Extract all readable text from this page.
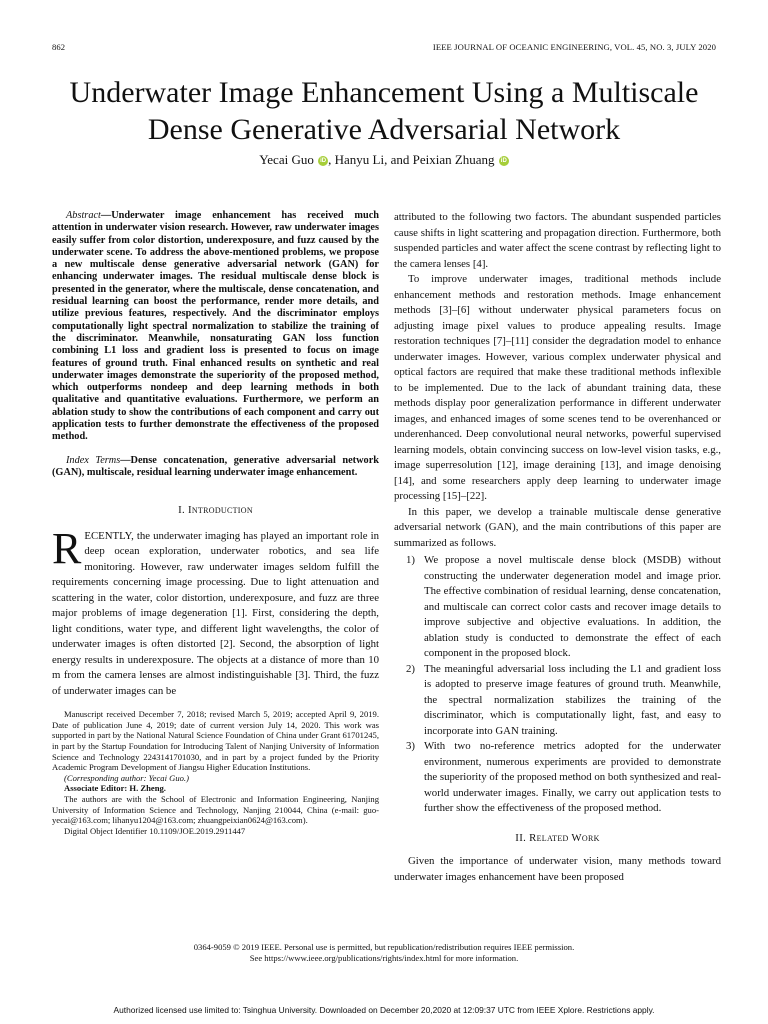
862	IEEE JOURNAL OF OCEANIC ENGINEERING, VOL. 45, NO. 3, JULY 2020
Underwater Image Enhancement Using a Multiscale
Dense Generative Adversarial Network
Yecai Guo iD , Hanyu Li, and Peixian Zhuang iD

Abstract—Underwater image enhancement has received much attention in underwater vision research. However, raw underwater images easily suffer from color distortion, underexposure, and fuzz caused by the underwater scene. To address the above-mentioned problems, we propose a new multiscale dense generative adversarial network (GAN) for enhancing underwater images. The residual multiscale dense block is presented in the generator, where the multiscale, dense concatenation, and residual learning can boost the performance, render more details, and utilize previous features, respectively. And the discriminator employs computationally light spectral normalization to stabilize the training of the discriminator. Meanwhile, nonsaturating GAN loss function combining L1 loss and gradient loss is presented to focus on image features of ground truth. Final enhanced results on synthetic and real underwater images demonstrate the superiority of the proposed method, which outperforms nondeep and deep learning methods in both qualitative and quantitative evaluations. Furthermore, we perform an ablation study to show the contributions of each component and carry out application tests to further demonstrate the effectiveness of the proposed method.

Index Terms—Dense concatenation, generative adversarial network (GAN), multiscale, residual learning underwater image enhancement.

I. Introduction

RECENTLY, the underwater imaging has played an important role in deep ocean exploration, underwater robotics, and sea life monitoring. However, raw underwater images seldom fulfill the requirements concerning image processing. Due to light attenuation and scattering in the water, color distortion, underexposure, and fuzz are three major problems of image degeneration [1]. First, considering the depth, light conditions, water type, and different light wavelengths, the color of underwater images is often distorted [2]. Second, the absorption of light energy results in underexposure. The objects at a distance of more than 10 m from the camera lenses are almost indistinguishable [3]. Third, the fuzz of underwater images can be

Manuscript received December 7, 2018; revised March 5, 2019; accepted April 9, 2019. Date of publication June 4, 2019; date of current version July 14, 2020. This work was supported in part by the National Natural Science Foundation of China under Grant 61701245, in part by the Startup Foundation for Introducing Talent of Nanjing University of Information Science and Technology 2243141701030, and in part by a project funded by the Priority Academic Program Development of Jiangsu Higher Education Institutions.

(Corresponding author: Yecai Guo.)

Associate Editor: H. Zheng.

The authors are with the School of Electronic and Information Engineering, Nanjing University of Information Science and Technology, Nanjing 210044, China (e-mail: guo-yecai@163.com; lihanyu1204@163.com; zhuangpeixian0624@163.com).

Digital Object Identifier 10.1109/JOE.2019.2911447

attributed to the following two factors. The abundant suspended particles cause shifts in light scattering and propagation direction. Furthermore, both suspended particles and water affect the scene contrast by reflecting light to the camera lenses [4].

To improve underwater images, traditional methods include enhancement methods and restoration methods. Image enhancement methods [3]–[6] without underwater physical parameters focus on adjusting image pixel values to produce appealing results. Image restoration techniques [7]–[11] consider the degradation model to enhance underwater images. However, various complex underwater physical and optical factors are required that make these traditional methods inflexible to be implemented. Due to the lack of abundant training data, these methods display poor generalization performance in different underwater images, and enhanced images of some scenes tend to be overenhanced or underenhanced. Deep convolutional neural networks, powerful supervised learning models, obtain convincing success on low-level vision tasks, e.g., image superresolution [12], image deraining [13], and image denoising [14], and some researchers apply deep learning to underwater image processing [15]–[22].

In this paper, we develop a trainable multiscale dense generative adversarial network (GAN), and the main contributions of this paper are summarized as follows.

1) We propose a novel multiscale dense block (MSDB) without constructing the underwater degeneration model and image prior. The effective combination of residual learning, dense concatenation, and multiscale can correct color casts and recover image details to improve subjective and objective evaluations. In addition, the ablation study is conducted to demonstrate the effect of each component in the proposed block.
2) The meaningful adversarial loss including the L1 and gradient loss is adopted to preserve image features of ground truth. Meanwhile, the spectral normalization stabilizes the training of the discriminator, which is computationally light, fast, and easy to incorporate into GAN training.
3) With two no-reference metrics adopted for the underwater environment, numerous experiments are provided to demonstrate the superiority of the proposed method on both synthesized and real-world underwater images. Finally, we carry out application tests to further show the effectiveness of the proposed method.
II. Related Work

Given the importance of underwater vision, many methods toward underwater images enhancement have been proposed

0364-9059 © 2019 IEEE. Personal use is permitted, but republication/redistribution requires IEEE permission.
See https://www.ieee.org/publications/rights/index.html for more information.
Authorized licensed use limited to: Tsinghua University. Downloaded on December 20,2020 at 12:09:37 UTC from IEEE Xplore. Restrictions apply.
